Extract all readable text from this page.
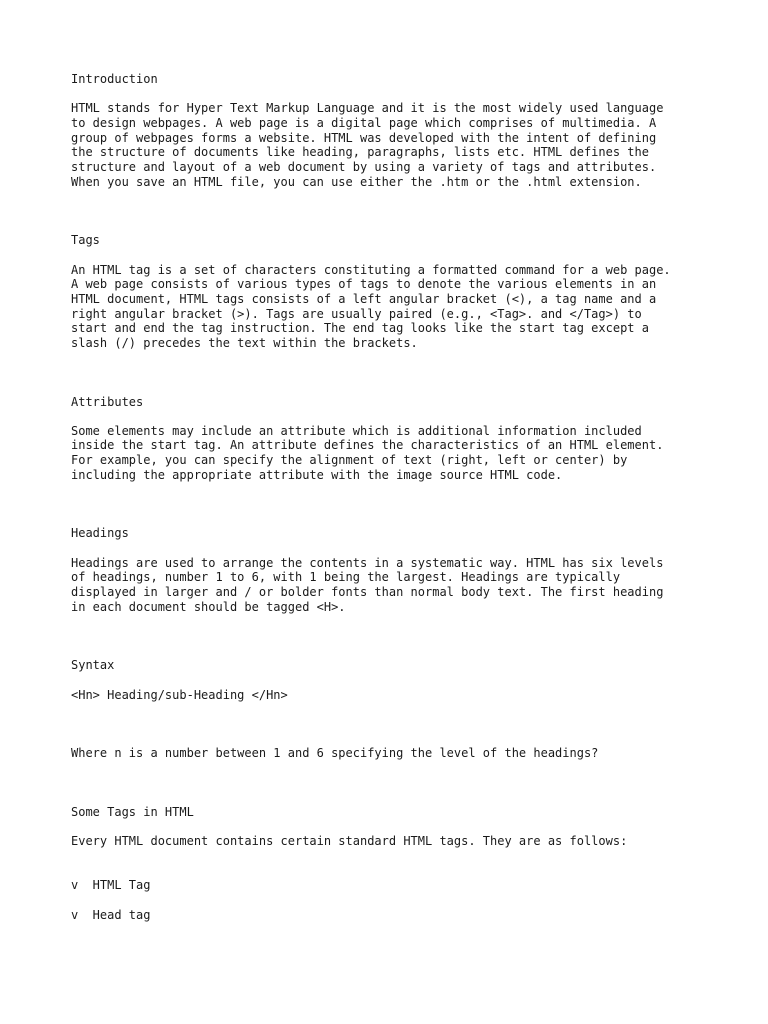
Introduction
HTML stands for Hyper Text Markup Language and it is the most widely used language
to design webpages. A web page is a digital page which comprises of multimedia. A
group of webpages forms a website. HTML was developed with the intent of defining
the structure of documents like heading, paragraphs, lists etc. HTML defines the
structure and layout of a web document by using a variety of tags and attributes.
When you save an HTML file, you can use either the .htm or the .html extension.
Tags
An HTML tag is a set of characters constituting a formatted command for a web page.
A web page consists of various types of tags to denote the various elements in an
HTML document, HTML tags consists of a left angular bracket (<), a tag name and a
right angular bracket (>). Tags are usually paired (e.g., <Tag>. and </Tag>) to
start and end the tag instruction. The end tag looks like the start tag except a
slash (/) precedes the text within the brackets.
Attributes
Some elements may include an attribute which is additional information included
inside the start tag. An attribute defines the characteristics of an HTML element.
For example, you can specify the alignment of text (right, left or center) by
including the appropriate attribute with the image source HTML code.
Headings
Headings are used to arrange the contents in a systematic way. HTML has six levels
of headings, number 1 to 6, with 1 being the largest. Headings are typically
displayed in larger and / or bolder fonts than normal body text. The first heading
in each document should be tagged <H>.
Syntax
<Hn> Heading/sub-Heading </Hn>
Where n is a number between 1 and 6 specifying the level of the headings?
Some Tags in HTML
Every HTML document contains certain standard HTML tags. They are as follows:
v  HTML Tag
v  Head tag
